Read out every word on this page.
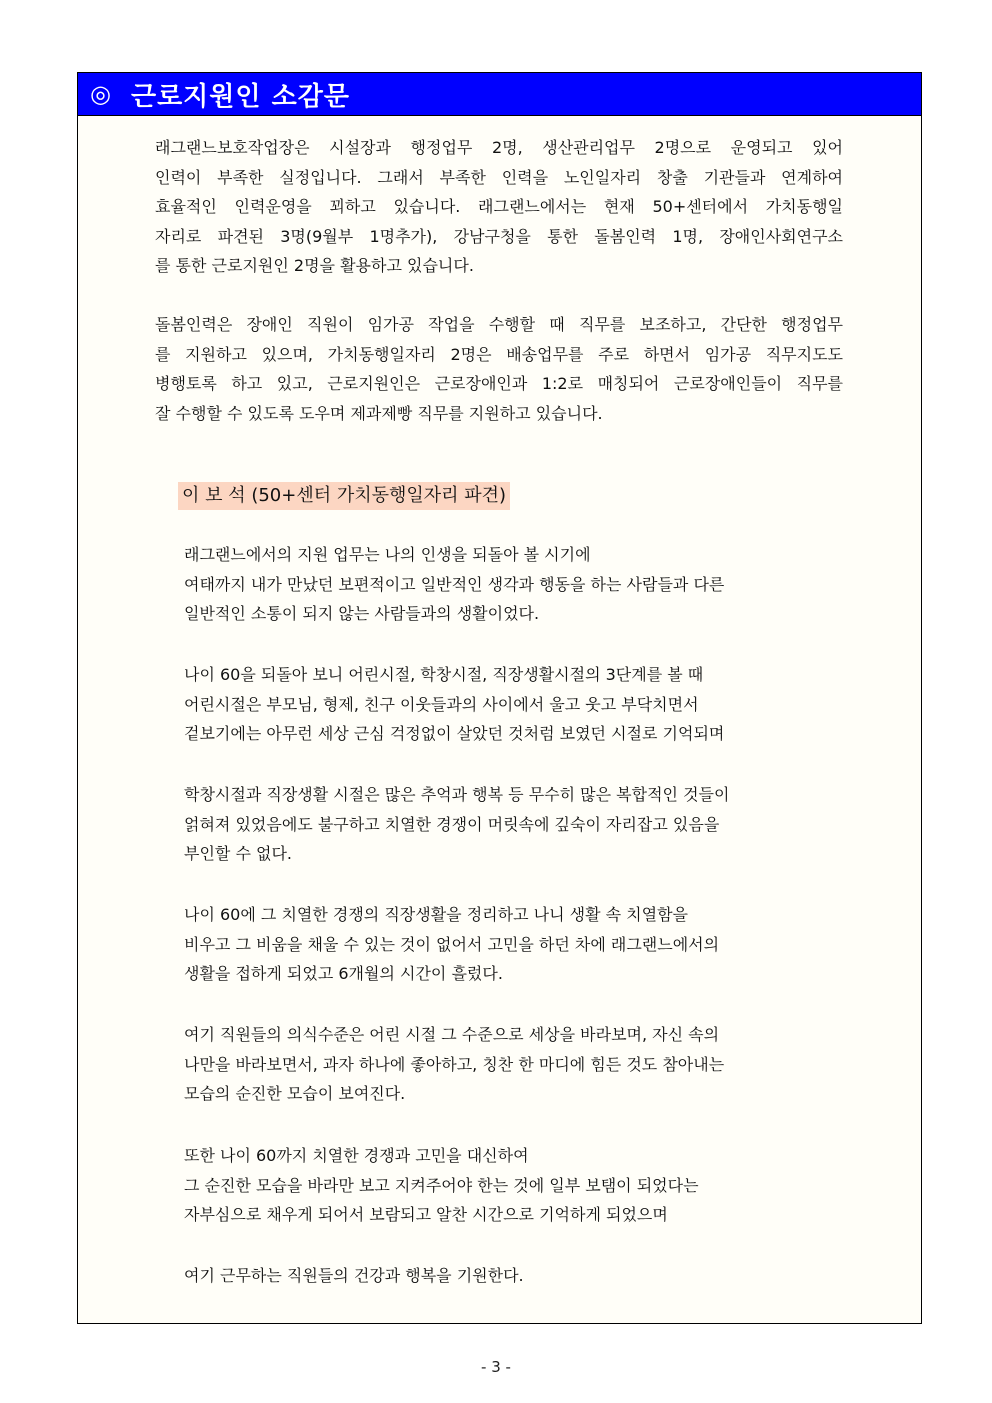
◎ 근로지원인 소감문

래그랜느보호작업장은 시설장과 행정업무 2명, 생산관리업무 2명으로 운영되고 있어
인력이 부족한 실정입니다. 그래서 부족한 인력을 노인일자리 창출 기관들과 연계하여
효율적인 인력운영을 꾀하고 있습니다. 래그랜느에서는 현재 50+센터에서 가치동행일
자리로 파견된 3명(9월부 1명추가), 강남구청을 통한 돌봄인력 1명, 장애인사회연구소
를 통한 근로지원인 2명을 활용하고 있습니다.

돌봄인력은 장애인 직원이 임가공 작업을 수행할 때 직무를 보조하고, 간단한 행정업무
를 지원하고 있으며, 가치동행일자리 2명은 배송업무를 주로 하면서 임가공 직무지도도
병행토록 하고 있고, 근로지원인은 근로장애인과 1:2로 매칭되어 근로장애인들이 직무를
잘 수행할 수 있도록 도우며 제과제빵 직무를 지원하고 있습니다.

이 보 석 (50+센터 가치동행일자리 파견)

래그랜느에서의 지원 업무는 나의 인생을 되돌아 볼 시기에
여태까지 내가 만났던 보편적이고 일반적인 생각과 행동을 하는 사람들과 다른
일반적인 소통이 되지 않는 사람들과의 생활이었다.

나이 60을 되돌아 보니 어린시절, 학창시절, 직장생활시절의 3단계를 볼 때
어린시절은 부모님, 형제, 친구 이웃들과의 사이에서 울고 웃고 부닥치면서
겉보기에는 아무런 세상 근심 걱정없이 살았던 것처럼 보였던 시절로 기억되며

학창시절과 직장생활 시절은 많은 추억과 행복 등 무수히 많은 복합적인 것들이
얽혀져 있었음에도 불구하고 치열한 경쟁이 머릿속에 깊숙이 자리잡고 있음을
부인할 수 없다.

나이 60에 그 치열한 경쟁의 직장생활을 정리하고 나니 생활 속 치열함을
비우고 그 비움을 채울 수 있는 것이 없어서 고민을 하던 차에 래그랜느에서의
생활을 접하게 되었고 6개월의 시간이 흘렀다.

여기 직원들의 의식수준은 어린 시절 그 수준으로 세상을 바라보며, 자신 속의
나만을 바라보면서, 과자 하나에 좋아하고, 칭찬 한 마디에 힘든 것도 참아내는
모습의 순진한 모습이 보여진다.

또한 나이 60까지 치열한 경쟁과 고민을 대신하여
그 순진한 모습을 바라만 보고 지켜주어야 한는 것에 일부 보탬이 되었다는
자부심으로 채우게 되어서 보람되고 알찬 시간으로 기억하게 되었으며

여기 근무하는 직원들의 건강과 행복을 기원한다.

- 3 -
